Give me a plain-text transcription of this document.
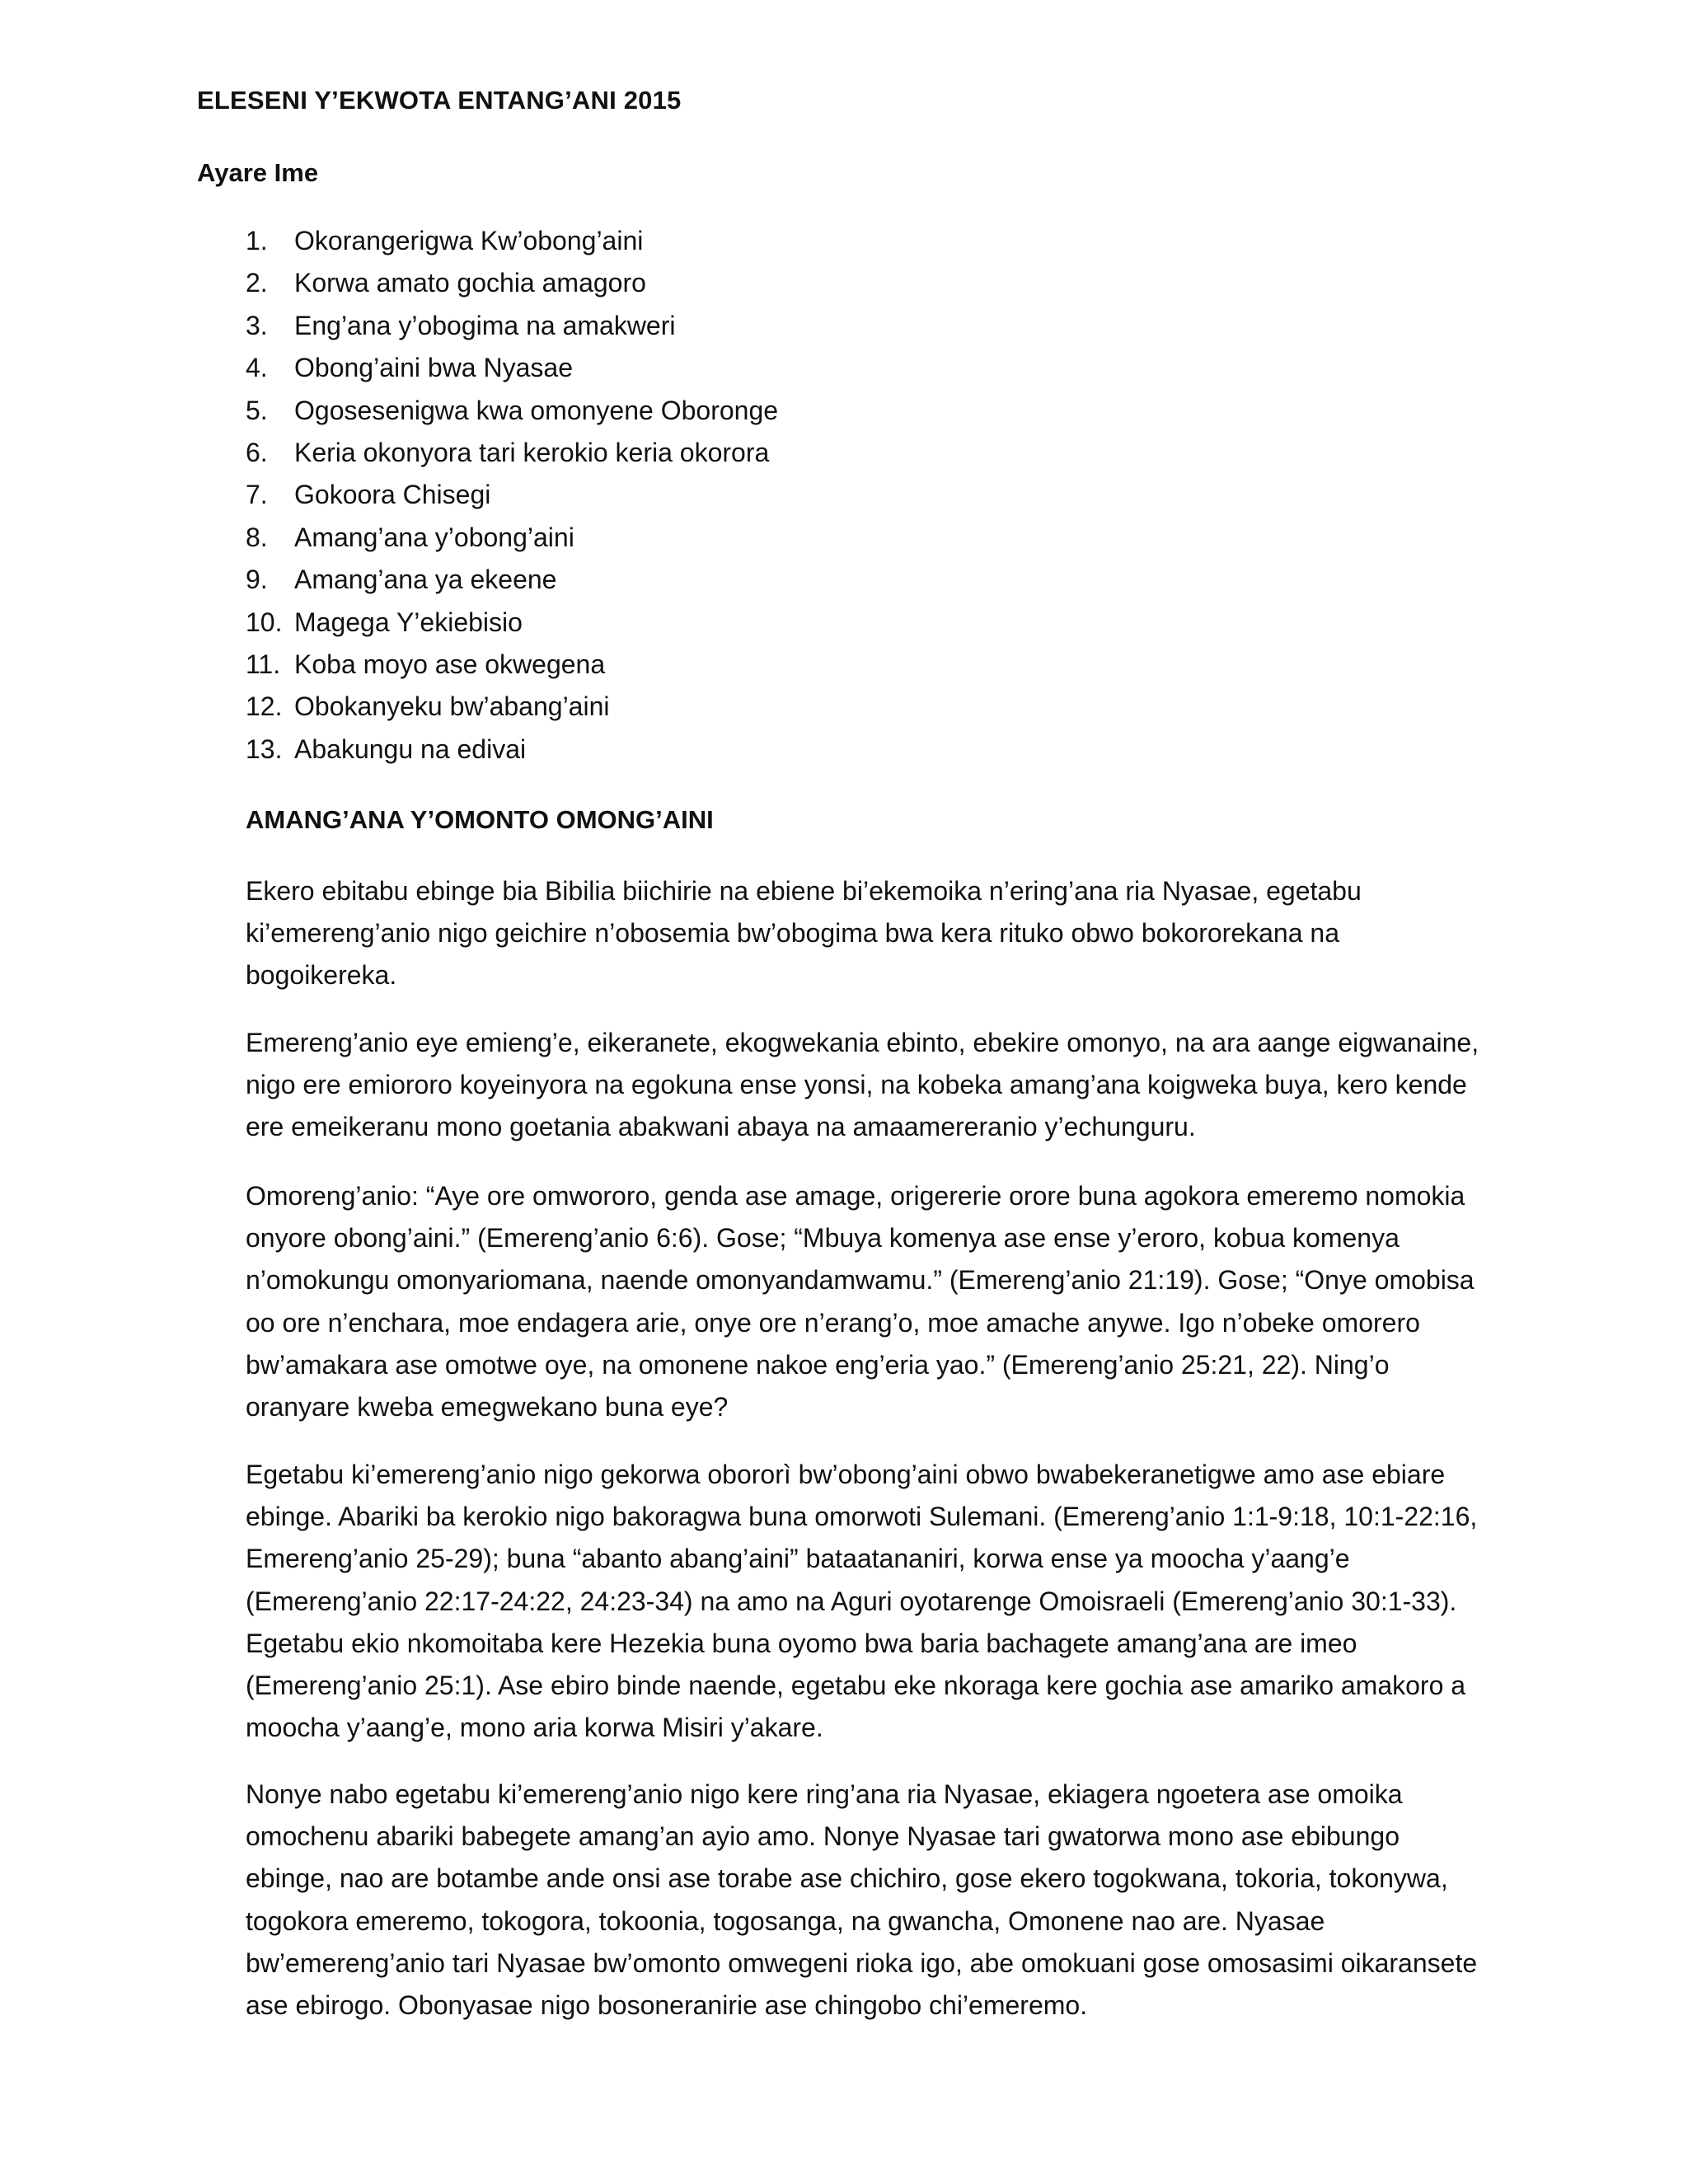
ELESENI Y’EKWOTA ENTANG’ANI 2015
Ayare Ime
1.	Okorangerigwa Kw’obong’aini
2.	Korwa amato gochia amagoro
3.	Eng’ana y’obogima na amakweri
4.	Obong’aini bwa Nyasae
5.	Ogosesenigwa kwa omonyene Oboronge
6.	Keria okonyora tari kerokio keria okorora
7.	Gokoora Chisegi
8.	Amang’ana y’obong’aini
9.	Amang’ana ya ekeene
10. Magega Y’ekiebisio
11. Koba moyo ase okwegena
12. Obokanyeku bw’abang’aini
13. Abakungu na edivai
AMANG’ANA Y’OMONTO OMONG’AINI

Ekero ebitabu ebinge bia Bibilia biichirie na ebiene bi’ekemoika n’ering’ana ria Nyasae, egetabu ki’emereng’anio nigo geichire n’obosemia bw’obogima bwa kera rituko obwo bokororekana na bogoikereka.

Emereng’anio eye emieng’e, eikeranete, ekogwekania ebinto, ebekire omonyo, na ara aange eigwanaine, nigo ere emiororo koyeinyora na egokuna ense yonsi, na kobeka amang’ana koigweka buya, kero kende ere emeikeranu mono goetania abakwani abaya na amaamereranio y’echunguru.

Omoreng’anio: “Aye ore omwororo, genda ase amage, origererie orore buna agokora emeremo nomokia onyore obong’aini.” (Emereng’anio 6:6). Gose; “Mbuya komenya ase ense y’eroro, kobua komenya n’omokungu omonyariomana, naende omonyandamwamu.” (Emereng’anio 21:19). Gose; “Onye omobisa oo ore n’enchara, moe endagera arie, onye ore n’erang’o, moe amache anywe. Igo n’obeke omorero bw’amakara ase omotwe oye, na omonene nakoe eng’eria yao.” (Emereng’anio 25:21, 22). Ning’o oranyare kweba emegwekano buna eye?

Egetabu ki’emereng’anio nigo gekorwa obororì bw’obong’aini obwo bwabekeranetigwe amo ase ebiare ebinge. Abariki ba kerokio nigo bakoragwa buna omorwoti Sulemani. (Emereng’anio 1:1-9:18, 10:1-22:16, Emereng’anio 25-29); buna “abanto abang’aini” bataatananiri, korwa ense ya moocha y’aang’e (Emereng’anio 22:17-24:22, 24:23-34) na amo na Aguri oyotarenge Omoisraeli (Emereng’anio 30:1-33). Egetabu ekio nkomoitaba kere Hezekia buna oyomo bwa baria bachagete amang’ana are imeo (Emereng’anio 25:1). Ase ebiro binde naende, egetabu eke nkoraga kere gochia ase amariko amakoro a moocha y’aang’e, mono aria korwa Misiri y’akare.

Nonye nabo egetabu ki’emereng’anio nigo kere ring’ana ria Nyasae, ekiagera ngoetera ase omoika omochenu abariki babegete amang’an ayio amo. Nonye Nyasae tari gwatorwa mono ase ebibungo ebinge, nao are botambe ande onsi ase torabe ase chichiro, gose ekero togokwana, tokoria, tokonywa, togokora emeremo, tokogora, tokoonia, togosanga, na gwancha, Omonene nao are. Nyasae bw’emereng’anio tari Nyasae bw’omonto omwegeni rioka igo, abe omokuani gose omosasimi oikaransete ase ebirogo. Obonyasae nigo bosoneranirie ase chingobo chi’emeremo.
